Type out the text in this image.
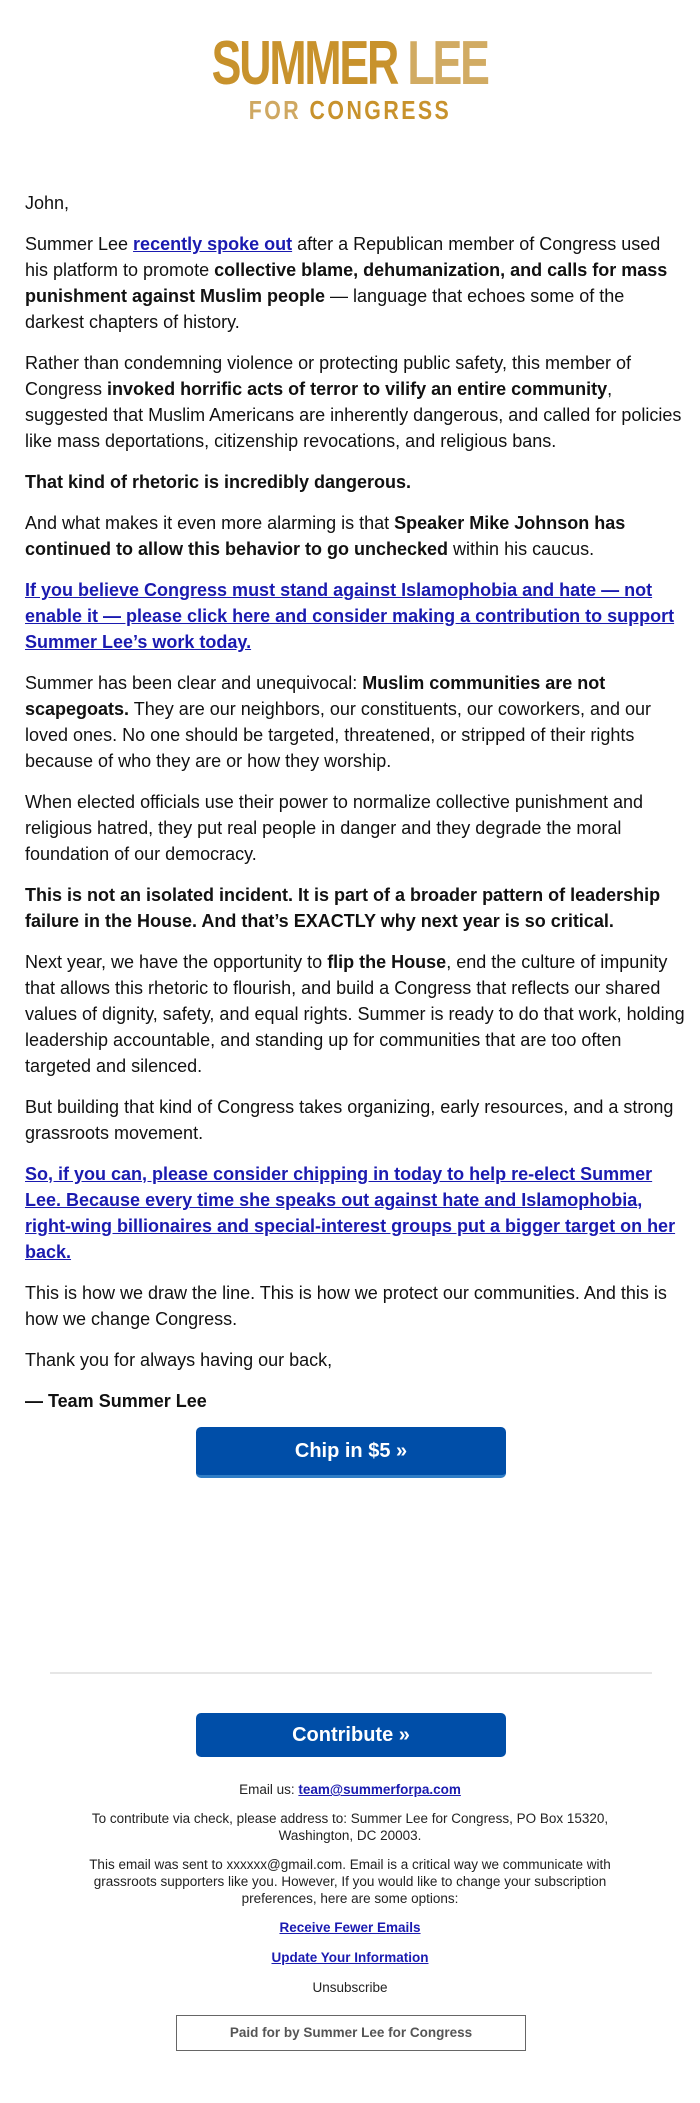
SUMMER LEE
FOR CONGRESS

John,

Summer Lee recently spoke out after a Republican member of Congress used his platform to promote collective blame, dehumanization, and calls for mass punishment against Muslim people — language that echoes some of the darkest chapters of history.

Rather than condemning violence or protecting public safety, this member of Congress invoked horrific acts of terror to vilify an entire community, suggested that Muslim Americans are inherently dangerous, and called for policies like mass deportations, citizenship revocations, and religious bans.

That kind of rhetoric is incredibly dangerous.

And what makes it even more alarming is that Speaker Mike Johnson has continued to allow this behavior to go unchecked within his caucus.

If you believe Congress must stand against Islamophobia and hate — not enable it — please click here and consider making a contribution to support Summer Lee’s work today.

Summer has been clear and unequivocal: Muslim communities are not scapegoats. They are our neighbors, our constituents, our coworkers, and our loved ones. No one should be targeted, threatened, or stripped of their rights because of who they are or how they worship.

When elected officials use their power to normalize collective punishment and religious hatred, they put real people in danger and they degrade the moral foundation of our democracy.

This is not an isolated incident. It is part of a broader pattern of leadership failure in the House. And that’s EXACTLY why next year is so critical.

Next year, we have the opportunity to flip the House, end the culture of impunity that allows this rhetoric to flourish, and build a Congress that reflects our shared values of dignity, safety, and equal rights. Summer is ready to do that work, holding leadership accountable, and standing up for communities that are too often targeted and silenced.

But building that kind of Congress takes organizing, early resources, and a strong grassroots movement.

So, if you can, please consider chipping in today to help re-elect Summer Lee. Because every time she speaks out against hate and Islamophobia, right-wing billionaires and special-interest groups put a bigger target on her back.

This is how we draw the line. This is how we protect our communities. And this is how we change Congress.

Thank you for always having our back,

— Team Summer Lee

Chip in $5 »
Contribute »

Email us: team@summerforpa.com

To contribute via check, please address to: Summer Lee for Congress, PO Box 15320, Washington, DC 20003.

This email was sent to xxxxxx@gmail.com. Email is a critical way we communicate with grassroots supporters like you. However, If you would like to change your subscription preferences, here are some options:

Receive Fewer Emails

Update Your Information

Unsubscribe

Paid for by Summer Lee for Congress
